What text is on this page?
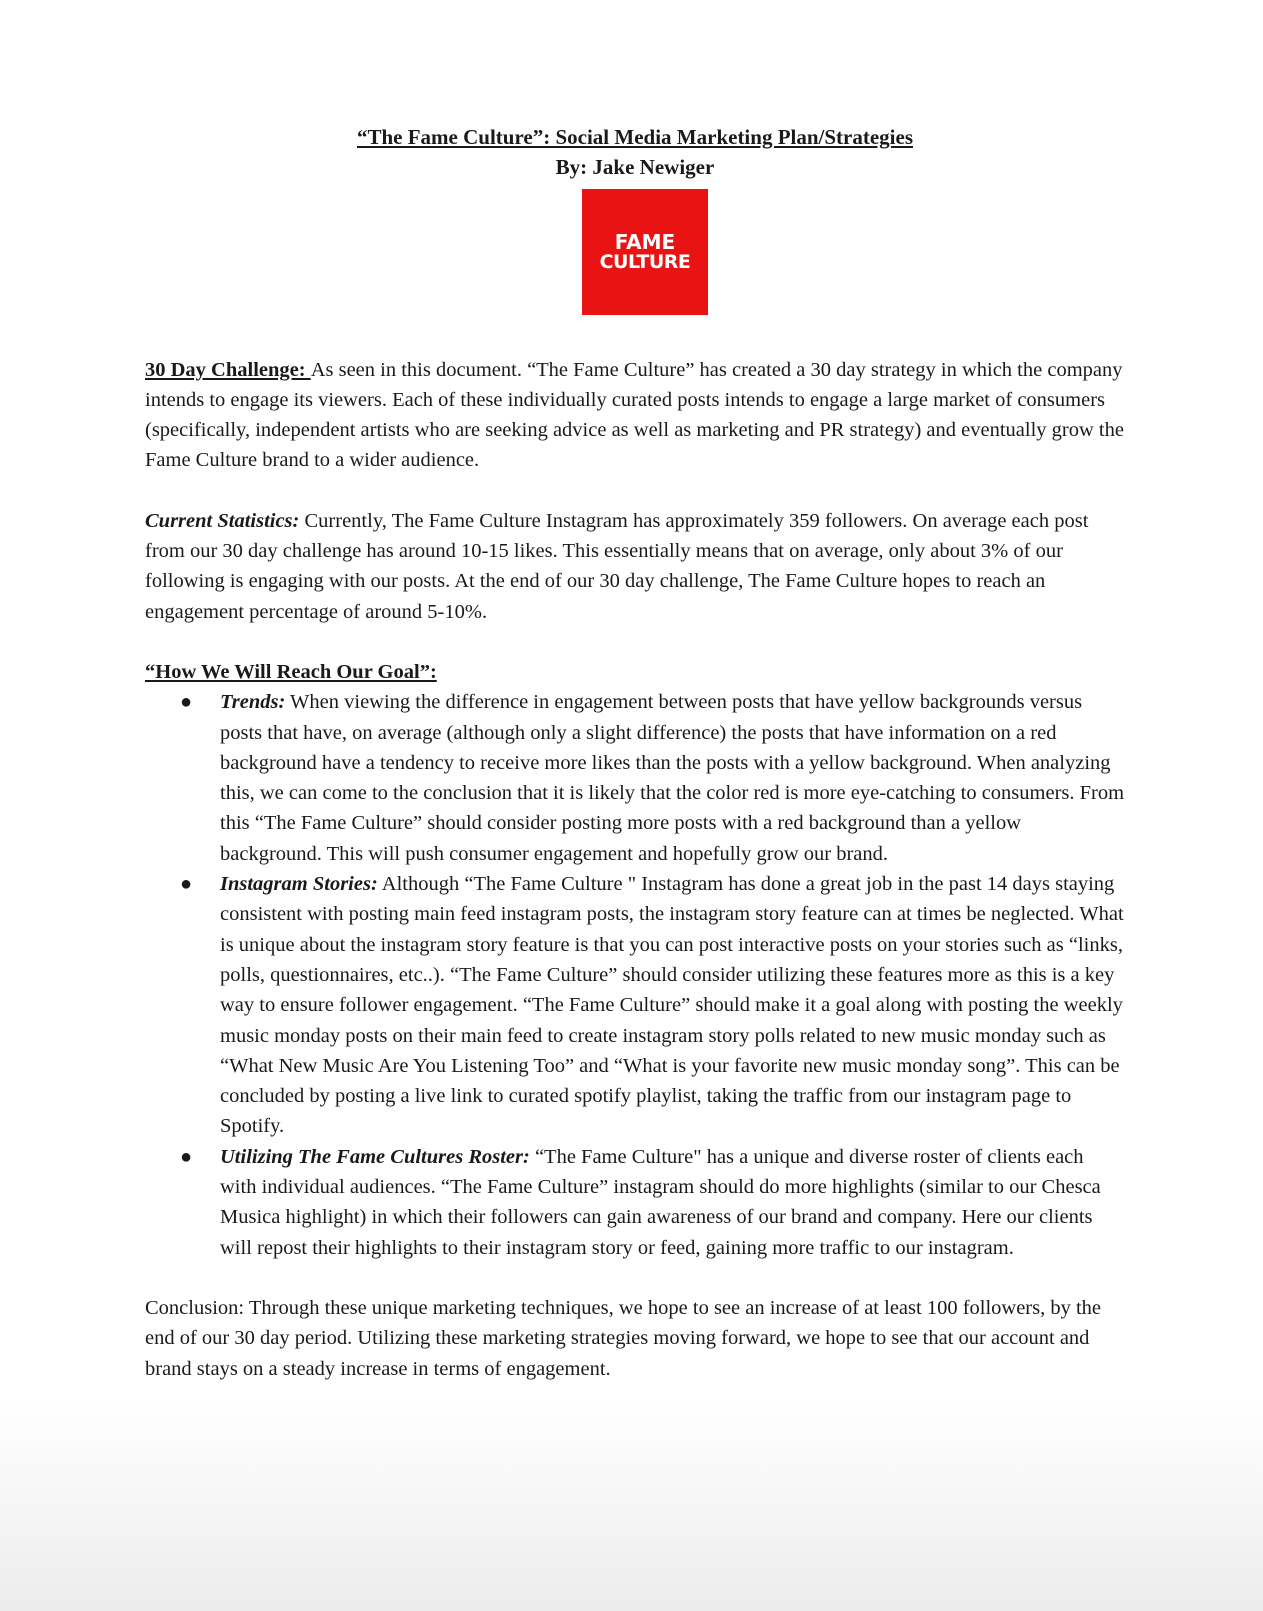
“The Fame Culture”: Social Media Marketing Plan/Strategies
By: Jake Newiger
FAME
CULTURE

30 Day Challenge: As seen in this document. “The Fame Culture” has created a 30 day strategy in which the company intends to engage its viewers. Each of these individually curated posts intends to engage a large market of consumers (specifically, independent artists who are seeking advice as well as marketing and PR strategy) and eventually grow the Fame Culture brand to a wider audience.

Current Statistics: Currently, The Fame Culture Instagram has approximately 359 followers. On average each post from our 30 day challenge has around 10-15 likes. This essentially means that on average, only about 3% of our following is engaging with our posts. At the end of our 30 day challenge, The Fame Culture hopes to reach an engagement percentage of around 5-10%.

“How We Will Reach Our Goal”:
● Trends: When viewing the difference in engagement between posts that have yellow backgrounds versus posts that have, on average (although only a slight difference) the posts that have information on a red background have a tendency to receive more likes than the posts with a yellow background. When analyzing this, we can come to the conclusion that it is likely that the color red is more eye-catching to consumers. From this “The Fame Culture” should consider posting more posts with a red background than a yellow background. This will push consumer engagement and hopefully grow our brand.
● Instagram Stories: Although “The Fame Culture " Instagram has done a great job in the past 14 days staying consistent with posting main feed instagram posts, the instagram story feature can at times be neglected. What is unique about the instagram story feature is that you can post interactive posts on your stories such as “links, polls, questionnaires, etc..). “The Fame Culture” should consider utilizing these features more as this is a key way to ensure follower engagement. “The Fame Culture” should make it a goal along with posting the weekly music monday posts on their main feed to create instagram story polls related to new music monday such as “What New Music Are You Listening Too” and “What is your favorite new music monday song”. This can be concluded by posting a live link to curated spotify playlist, taking the traffic from our instagram page to Spotify.
● Utilizing The Fame Cultures Roster: “The Fame Culture" has a unique and diverse roster of clients each with individual audiences. “The Fame Culture” instagram should do more highlights (similar to our Chesca Musica highlight) in which their followers can gain awareness of our brand and company. Here our clients will repost their highlights to their instagram story or feed, gaining more traffic to our instagram.

Conclusion: Through these unique marketing techniques, we hope to see an increase of at least 100 followers, by the end of our 30 day period. Utilizing these marketing strategies moving forward, we hope to see that our account and brand stays on a steady increase in terms of engagement.
